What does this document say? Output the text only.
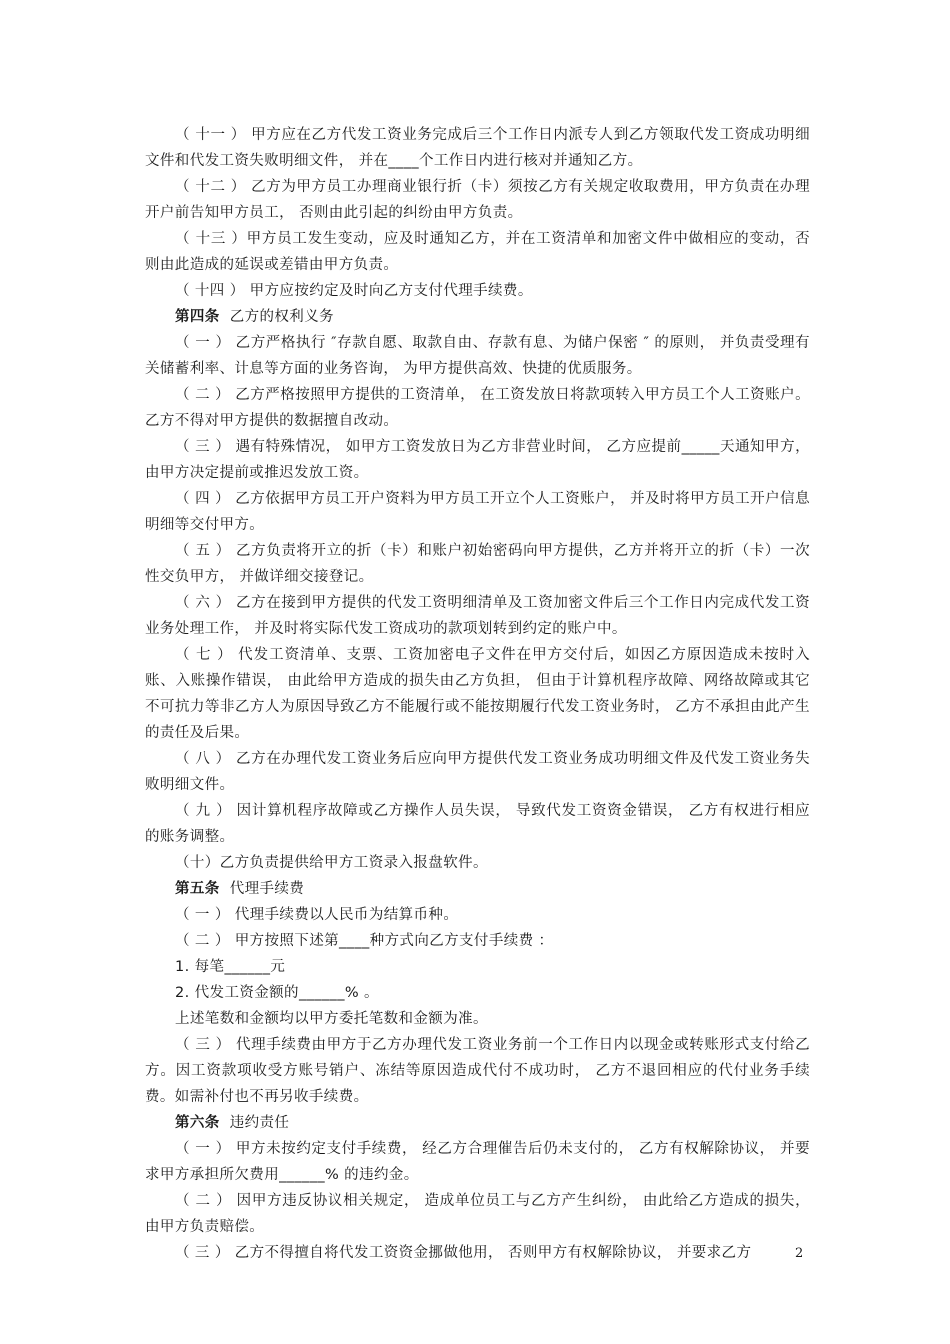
（ 十一 ） 甲方应在乙方代发工资业务完成后三个工作日内派专人到乙方领取代发工资成功明细文件和代发工资失败明细文件， 并在____个工作日内进行核对并通知乙方。

（ 十二 ） 乙方为甲方员工办理商业银行折（卡）须按乙方有关规定收取费用，甲方负责在办理开户前告知甲方员工， 否则由此引起的纠纷由甲方负责。

（ 十三 ）甲方员工发生变动，应及时通知乙方，并在工资清单和加密文件中做相应的变动，否则由此造成的延误或差错由甲方负责。

（ 十四 ） 甲方应按约定及时向乙方支付代理手续费。

第四条 乙方的权利义务

（ 一 ） 乙方严格执行 ″存款自愿、取款自由、存款有息、为储户保密 ″ 的原则， 并负责受理有关储蓄利率、计息等方面的业务咨询， 为甲方提供高效、快捷的优质服务。

（ 二 ） 乙方严格按照甲方提供的工资清单， 在工资发放日将款项转入甲方员工个人工资账户。乙方不得对甲方提供的数据擅自改动。

（ 三 ） 遇有特殊情况， 如甲方工资发放日为乙方非营业时间， 乙方应提前_____天通知甲方， 由甲方决定提前或推迟发放工资。

（ 四 ） 乙方依据甲方员工开户资料为甲方员工开立个人工资账户， 并及时将甲方员工开户信息明细等交付甲方。

（ 五 ） 乙方负责将开立的折（卡）和账户初始密码向甲方提供，乙方并将开立的折（卡）一次性交负甲方， 并做详细交接登记。

（ 六 ） 乙方在接到甲方提供的代发工资明细清单及工资加密文件后三个工作日内完成代发工资业务处理工作， 并及时将实际代发工资成功的款项划转到约定的账户中。

（ 七 ） 代发工资清单、支票、工资加密电子文件在甲方交付后，如因乙方原因造成未按时入账、入账操作错误， 由此给甲方造成的损失由乙方负担， 但由于计算机程序故障、网络故障或其它不可抗力等非乙方人为原因导致乙方不能履行或不能按期履行代发工资业务时， 乙方不承担由此产生的责任及后果。

（ 八 ） 乙方在办理代发工资业务后应向甲方提供代发工资业务成功明细文件及代发工资业务失败明细文件。

（ 九 ） 因计算机程序故障或乙方操作人员失误， 导致代发工资资金错误， 乙方有权进行相应的账务调整。

（十）乙方负责提供给甲方工资录入报盘软件。

第五条 代理手续费

（ 一 ） 代理手续费以人民币为结算币种。

（ 二 ） 甲方按照下述第____种方式向乙方支付手续费 ：

1. 每笔______元

2. 代发工资金额的______% 。

上述笔数和金额均以甲方委托笔数和金额为准。

（ 三 ） 代理手续费由甲方于乙方办理代发工资业务前一个工作日内以现金或转账形式支付给乙方。因工资款项收受方账号销户、冻结等原因造成代付不成功时， 乙方不退回相应的代付业务手续费。如需补付也不再另收手续费。

第六条 违约责任

（ 一 ） 甲方未按约定支付手续费， 经乙方合理催告后仍未支付的， 乙方有权解除协议， 并要求甲方承担所欠费用______% 的违约金。

（ 二 ） 因甲方违反协议相关规定， 造成单位员工与乙方产生纠纷， 由此给乙方造成的损失， 由甲方负责赔偿。

（ 三 ） 乙方不得擅自将代发工资资金挪做他用， 否则甲方有权解除协议， 并要求乙方	2
